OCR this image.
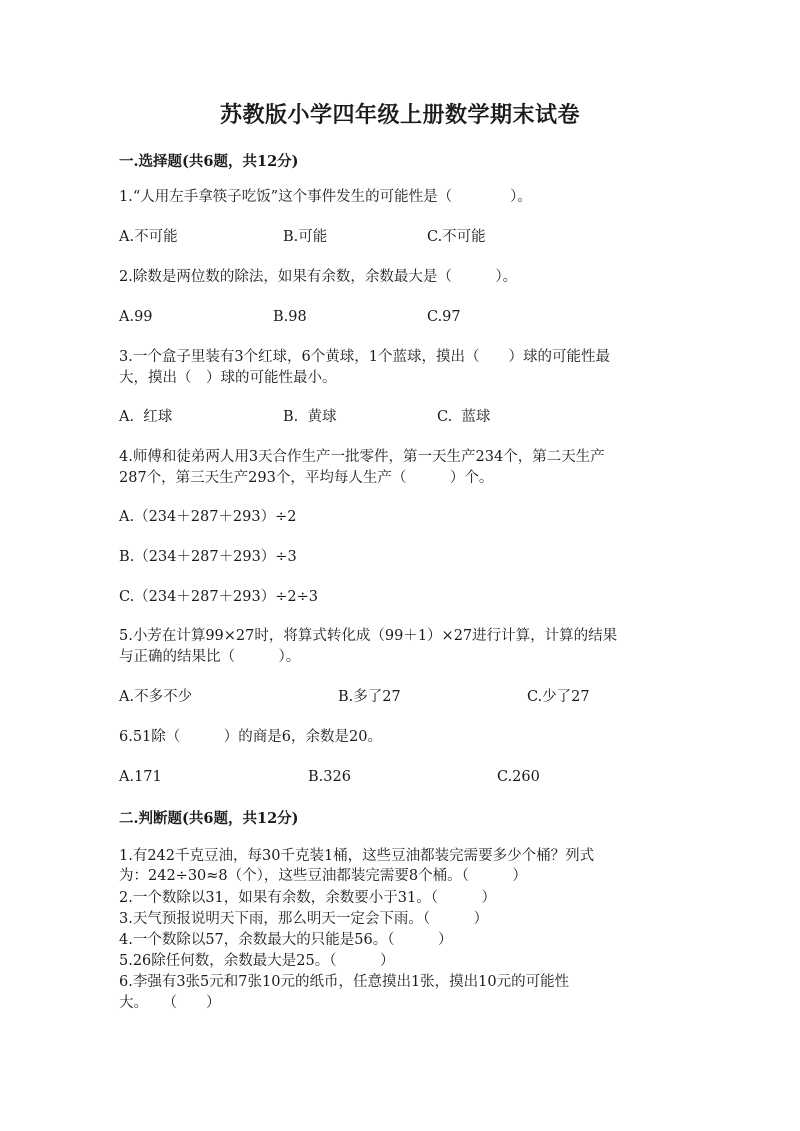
苏教版小学四年级上册数学期末试卷
一.选择题(共6题，共12分)
1.“人用左手拿筷子吃饭”这个事件发生的可能性是（　　　　）。
A.不可能	B.可能	C.不可能
2.除数是两位数的除法，如果有余数，余数最大是（　　　）。
A.99	B.98	C.97
3.一个盒子里装有3个红球，6个黄球，1个蓝球，摸出（　　）球的可能性最
大，摸出（　）球的可能性最小。
A.  红球	B.  黄球	C.  蓝球
4.师傅和徒弟两人用3天合作生产一批零件，第一天生产234个，第二天生产
287个，第三天生产293个，平均每人生产（　　　）个。
A.（234＋287＋293）÷2
B.（234＋287＋293）÷3
C.（234＋287＋293）÷2÷3
5.小芳在计算99×27时，将算式转化成（99＋1）×27进行计算，计算的结果
与正确的结果比（　　　）。
A.不多不少	B.多了27	C.少了27
6.51除（　　　）的商是6，余数是20。
A.171	B.326	C.260
二.判断题(共6题，共12分)
1.有242千克豆油，每30千克装1桶，这些豆油都装完需要多少个桶？列式
为：242÷30≈8（个），这些豆油都装完需要8个桶。（　　　）
2.一个数除以31，如果有余数，余数要小于31。（　　　）
3.天气预报说明天下雨，那么明天一定会下雨。（　　　）
4.一个数除以57，余数最大的只能是56。（　　　）
5.26除任何数，余数最大是25。（　　　）
6.李强有3张5元和7张10元的纸币，任意摸出1张，摸出10元的可能性
大。　　（　　）
